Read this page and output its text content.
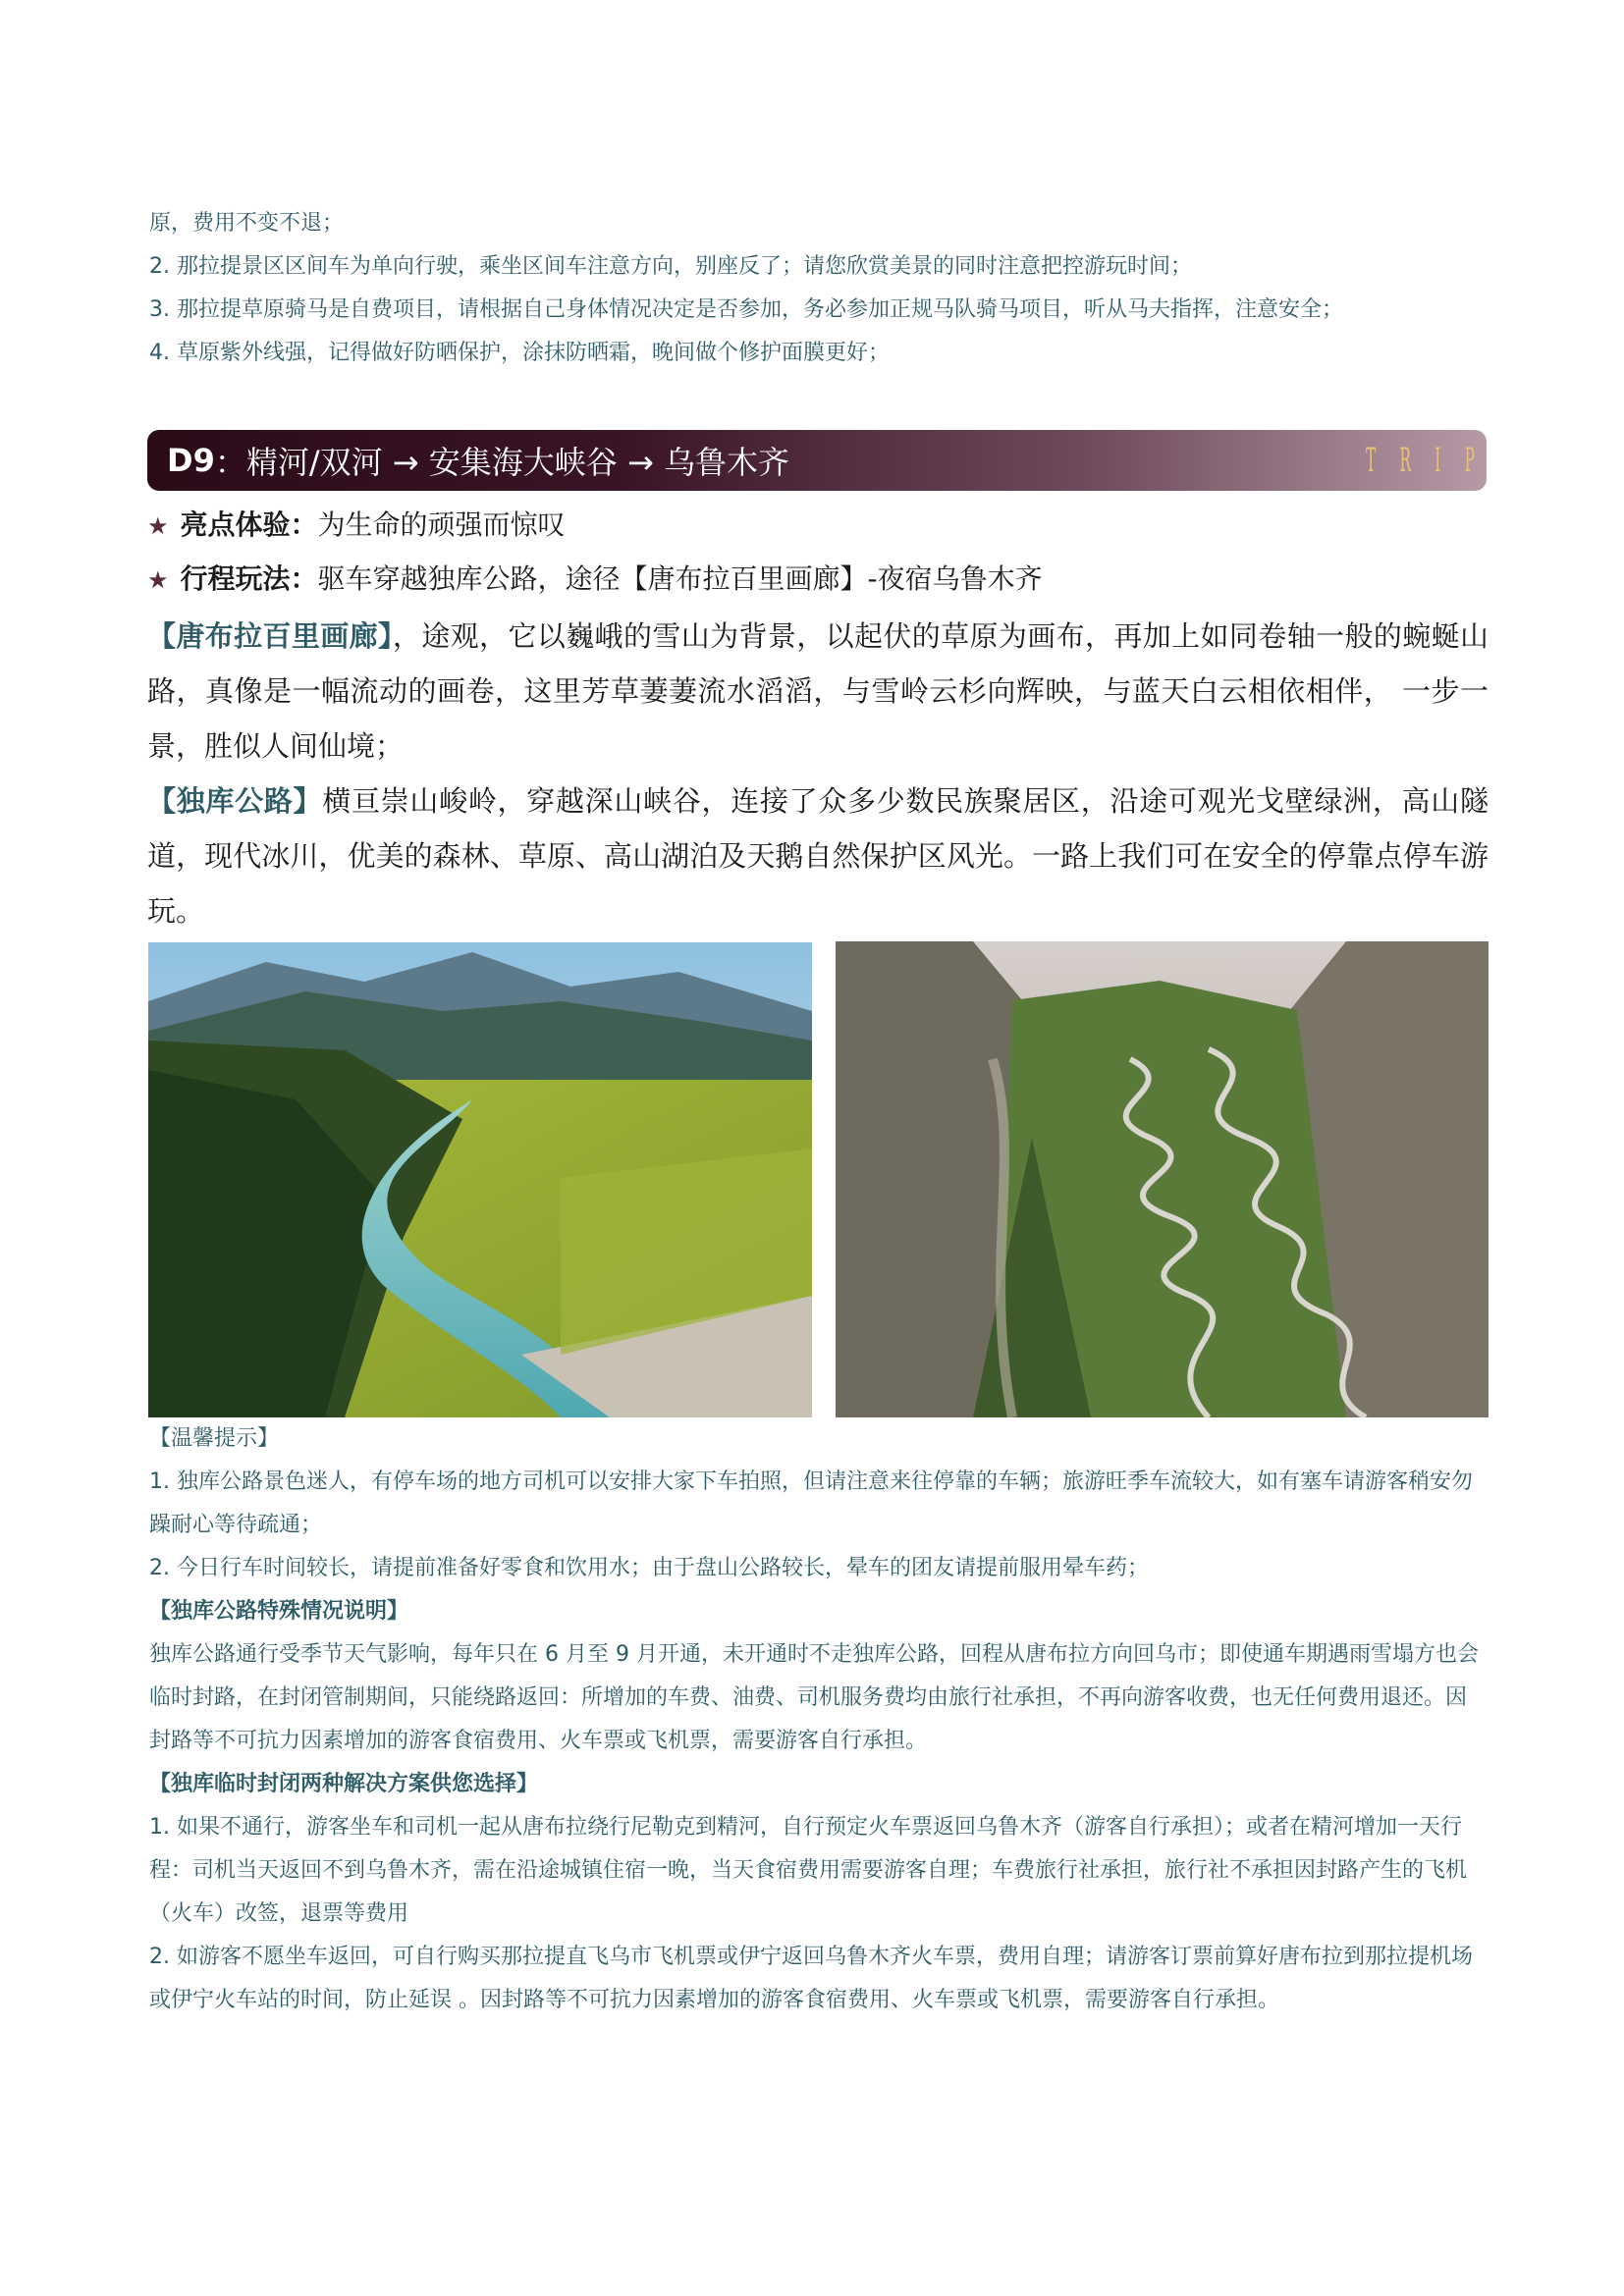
原，费用不变不退；
2. 那拉提景区区间车为单向行驶，乘坐区间车注意方向，别座反了；请您欣赏美景的同时注意把控游玩时间；
3. 那拉提草原骑马是自费项目，请根据自己身体情况决定是否参加，务必参加正规马队骑马项目，听从马夫指挥，注意安全；
4. 草原紫外线强，记得做好防晒保护，涂抹防晒霜，晚间做个修护面膜更好；
D9 ： 精河/双河 → 安集海大峡谷 → 乌鲁木齐	T R I P
★ 亮点体验：为生命的顽强而惊叹
★ 行程玩法：驱车穿越独库公路，途径【唐布拉百里画廊】-夜宿乌鲁木齐
【唐布拉百里画廊】，途观，它以巍峨的雪山为背景，以起伏的草原为画布，再加上如同卷轴一般的蜿蜒山路，真像是一幅流动的画卷，这里芳草萋萋流水滔滔，与雪岭云杉向辉映，与蓝天白云相依相伴， 一步一景，胜似人间仙境；
【独库公路】横亘崇山峻岭，穿越深山峡谷，连接了众多少数民族聚居区，沿途可观光戈壁绿洲，高山隧道，现代冰川，优美的森林、草原、高山湖泊及天鹅自然保护区风光。一路上我们可在安全的停靠点停车游玩。
【温馨提示】
1. 独库公路景色迷人，有停车场的地方司机可以安排大家下车拍照，但请注意来往停靠的车辆；旅游旺季车流较大，如有塞车请游客稍安勿躁耐心等待疏通；
2. 今日行车时间较长，请提前准备好零食和饮用水；由于盘山公路较长，晕车的团友请提前服用晕车药；
【独库公路特殊情况说明】
独库公路通行受季节天气影响，每年只在 6 月至 9 月开通，未开通时不走独库公路，回程从唐布拉方向回乌市；即使通车期遇雨雪塌方也会临时封路，在封闭管制期间，只能绕路返回：所增加的车费、油费、司机服务费均由旅行社承担，不再向游客收费，也无任何费用退还。因封路等不可抗力因素增加的游客食宿费用、火车票或飞机票，需要游客自行承担。
【独库临时封闭两种解决方案供您选择】
1. 如果不通行，游客坐车和司机一起从唐布拉绕行尼勒克到精河，自行预定火车票返回乌鲁木齐（游客自行承担）；或者在精河增加一天行程：司机当天返回不到乌鲁木齐，需在沿途城镇住宿一晚，当天食宿费用需要游客自理；车费旅行社承担，旅行社不承担因封路产生的飞机（火车）改签，退票等费用
2. 如游客不愿坐车返回，可自行购买那拉提直飞乌市飞机票或伊宁返回乌鲁木齐火车票，费用自理；请游客订票前算好唐布拉到那拉提机场或伊宁火车站的时间，防止延误 。因封路等不可抗力因素增加的游客食宿费用、火车票或飞机票，需要游客自行承担。
